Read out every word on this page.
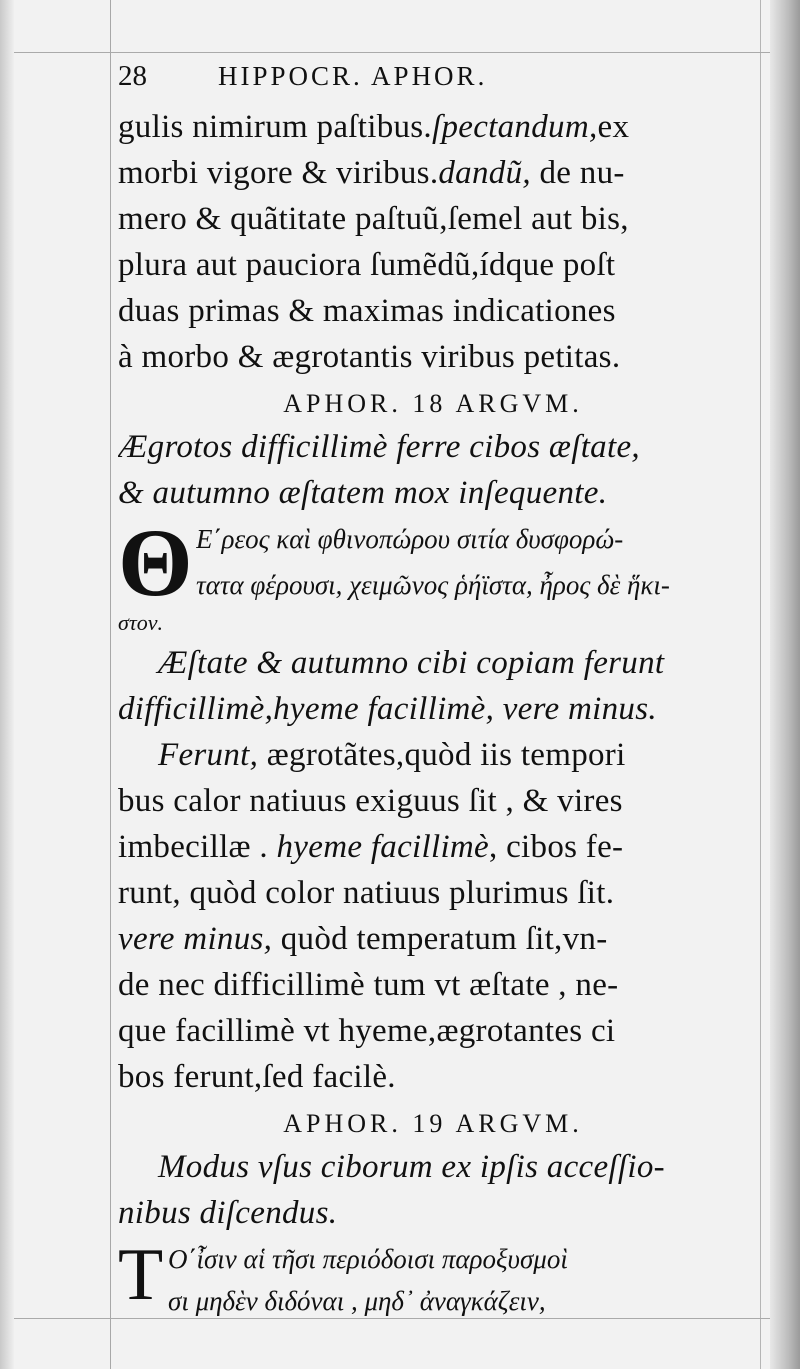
28	HIPPOCR. APHOR.
gulis nimirum paſtibus.ſpectandum,ex
morbi vigore & viribus.dandũ, de nu-
mero & quãtitate paſtuũ,ſemel aut bis,
plura aut pauciora ſumẽdũ,ídque poſt
duas primas & maximas indicationes
à morbo & ægrotantis viribus petitas.
APHOR. 18 ARGVM.
Ægrotos difficillimè ferre cibos æſtate,
& autumno æſtatem mox inſequente.
Θ Ε΄ρεος καὶ φθινοπώρου σιτία δυσφορώ-
τατα φέρουσι, χειμῶνος ῥήϊστα, ἦρος δὲ ἥκι-
στον.
Æſtate & autumno cibi copiam ferunt
difficillimè,hyeme facillimè, vere minus.
Ferunt, ægrotãtes,quòd iis tempori
bus calor natiuus exiguus ſit , & vires
imbecillæ . hyeme facillimè, cibos fe-
runt, quòd color natiuus plurimus ſit.
vere minus, quòd temperatum ſit,vn-
de nec difficillimè tum vt æſtate , ne-
que facillimè vt hyeme,ægrotantes ci
bos ferunt,ſed facilè.
APHOR. 19 ARGVM.
Modus vſus ciborum ex ipſis acceſſio-
nibus diſcendus.
T Ο΄ἶσιν αἱ τῆσι περιόδοισι παροξυσμοὶ
σι μηδὲν διδόναι , μηδ᾽ ἀναγκάζειν,
